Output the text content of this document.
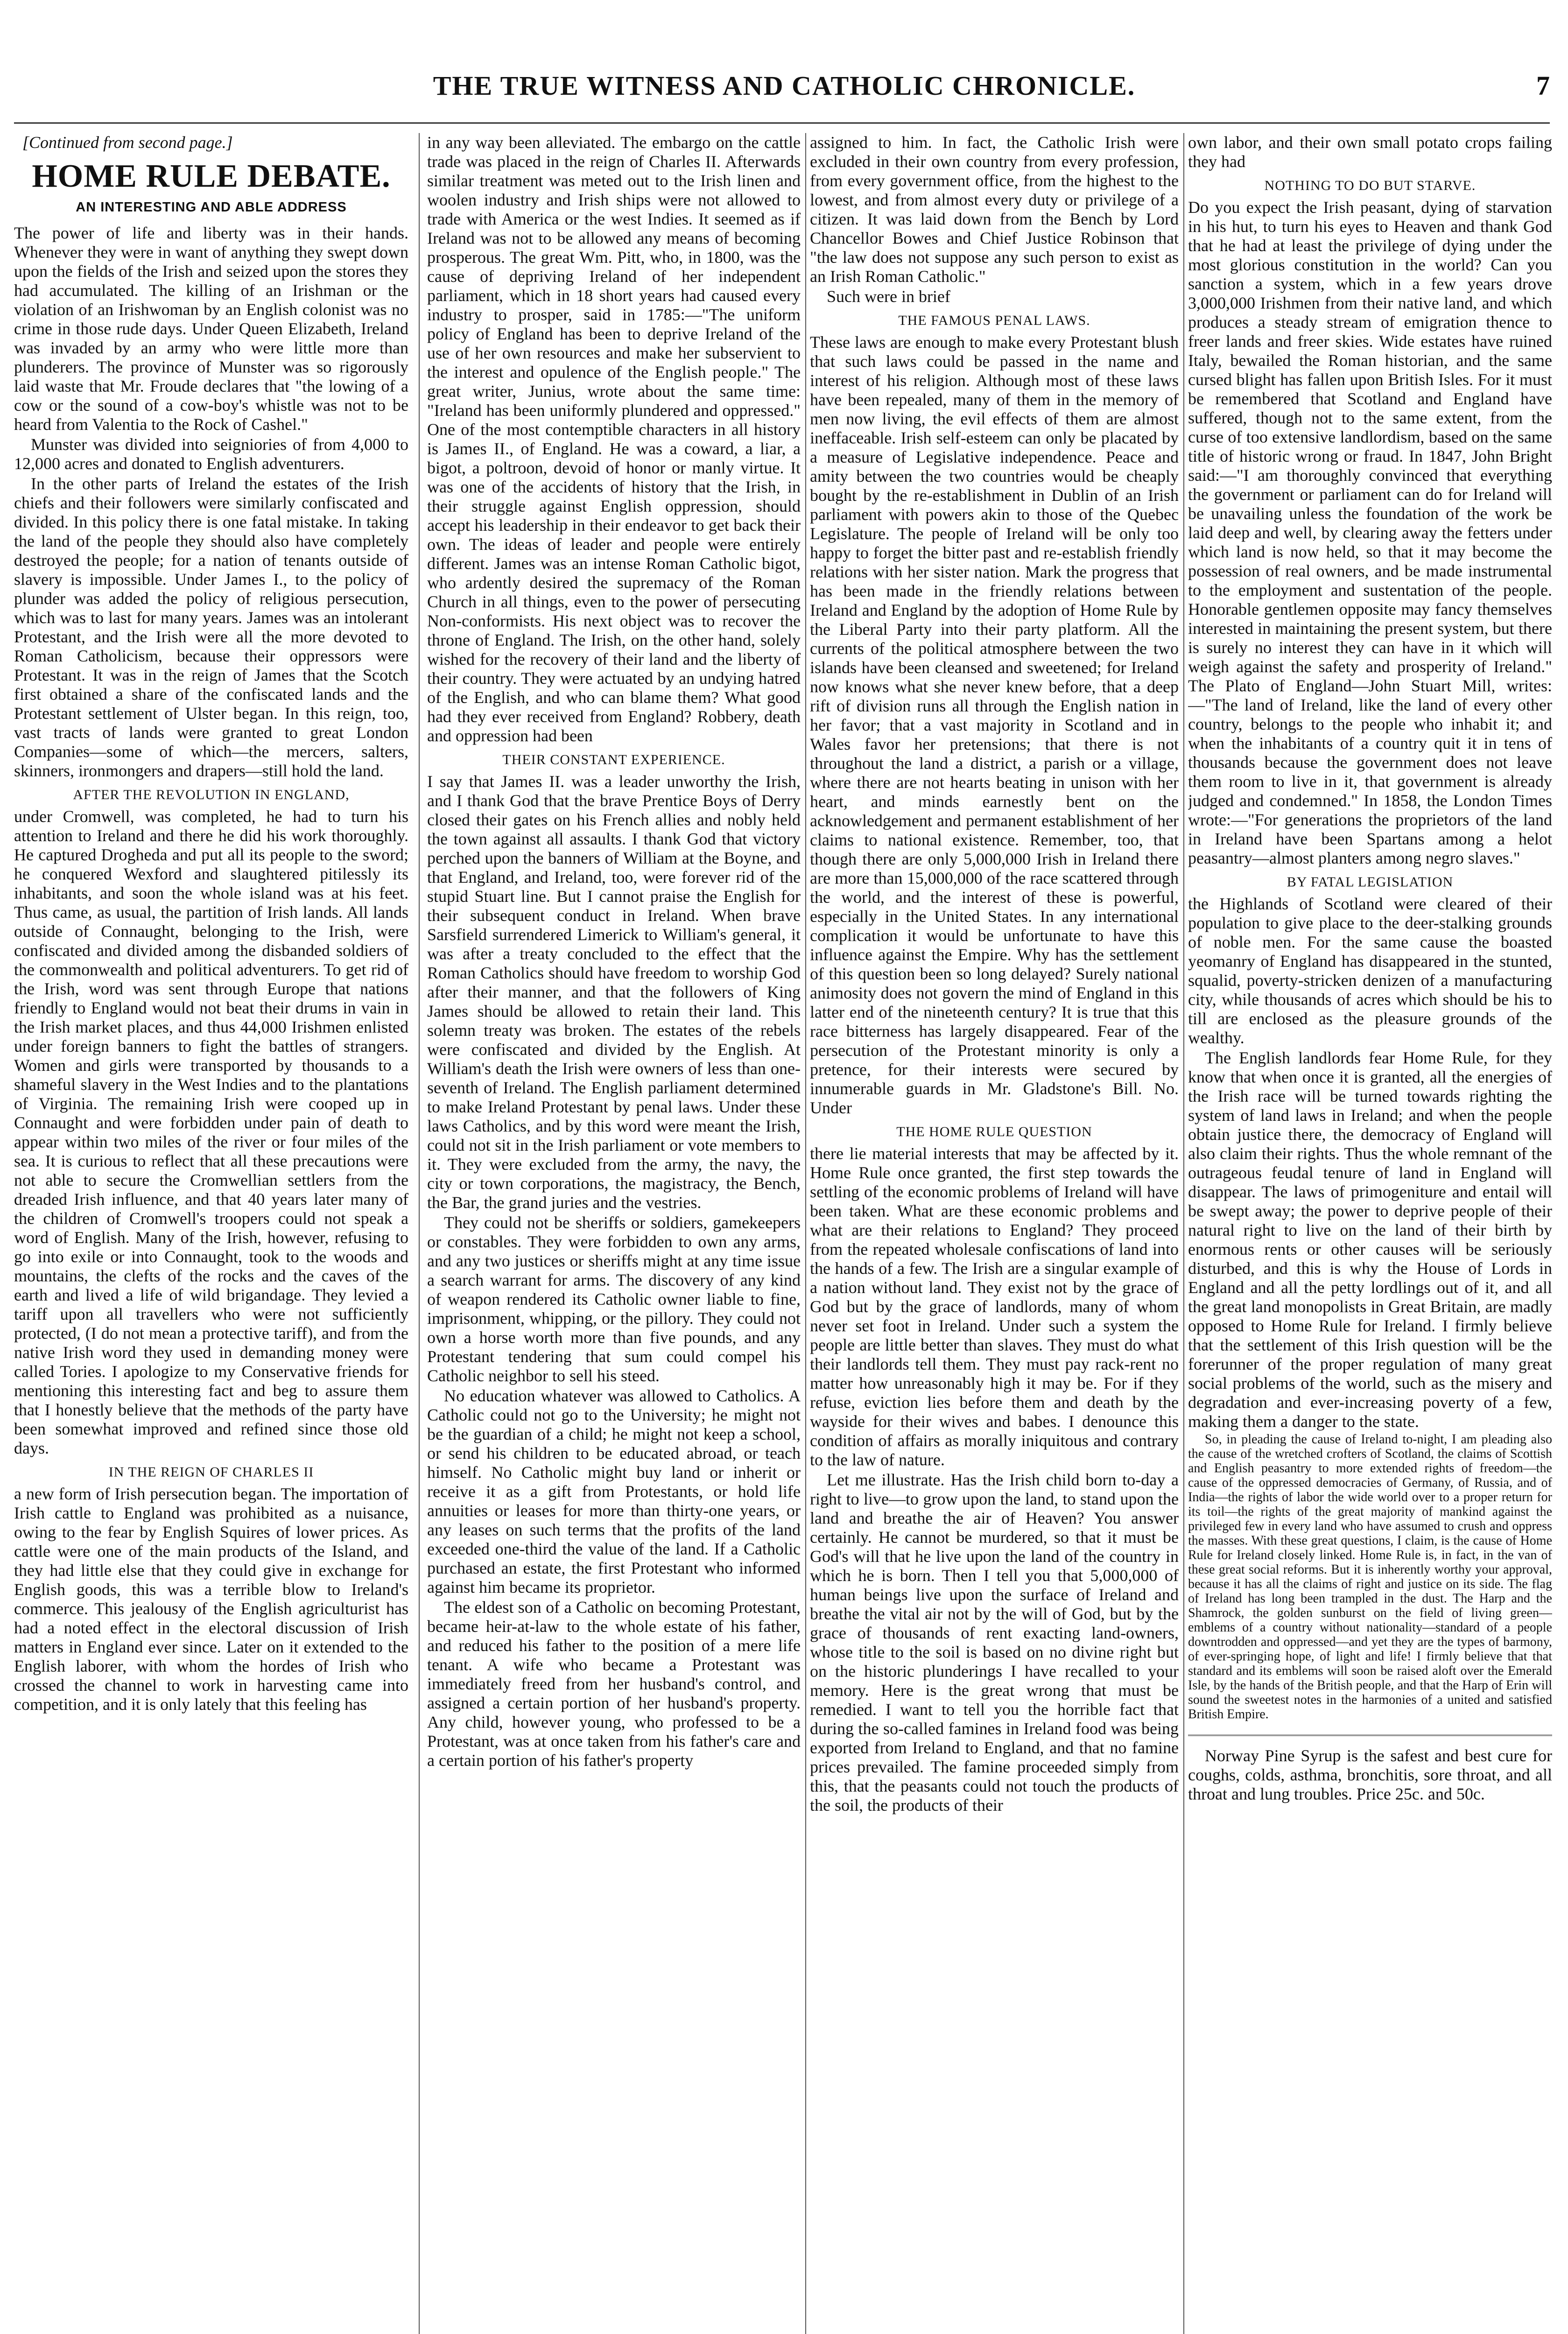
THE TRUE WITNESS AND CATHOLIC CHRONICLE.	7
[Continued from second page.]
HOME RULE DEBATE.
AN INTERESTING AND ABLE ADDRESS

The power of life and liberty was in their hands. Whenever they were in want of anything they swept down upon the fields of the Irish and seized upon the stores they had accumulated. The killing of an Irishman or the violation of an Irishwoman by an English colonist was no crime in those rude days. Under Queen Elizabeth, Ireland was invaded by an army who were little more than plunderers. The province of Munster was so rigorously laid waste that Mr. Froude declares that "the lowing of a cow or the sound of a cow-boy's whistle was not to be heard from Valentia to the Rock of Cashel."

Munster was divided into seigniories of from 4,000 to 12,000 acres and donated to English adventurers.

In the other parts of Ireland the estates of the Irish chiefs and their followers were similarly confiscated and divided. In this policy there is one fatal mistake. In taking the land of the people they should also have completely destroyed the people; for a nation of tenants outside of slavery is impossible. Under James I., to the policy of plunder was added the policy of religious persecution, which was to last for many years. James was an intolerant Protestant, and the Irish were all the more devoted to Roman Catholicism, because their oppressors were Protestant. It was in the reign of James that the Scotch first obtained a share of the confiscated lands and the Protestant settlement of Ulster began. In this reign, too, vast tracts of lands were granted to great London Companies—some of which—the mercers, salters, skinners, ironmongers and drapers—still hold the land.

AFTER THE REVOLUTION IN ENGLAND,

under Cromwell, was completed, he had to turn his attention to Ireland and there he did his work thoroughly. He captured Drogheda and put all its people to the sword; he conquered Wexford and slaughtered pitilessly its inhabitants, and soon the whole island was at his feet. Thus came, as usual, the partition of Irish lands. All lands outside of Connaught, belonging to the Irish, were confiscated and divided among the disbanded soldiers of the commonwealth and political adventurers. To get rid of the Irish, word was sent through Europe that nations friendly to England would not beat their drums in vain in the Irish market places, and thus 44,000 Irishmen enlisted under foreign banners to fight the battles of strangers. Women and girls were transported by thousands to a shameful slavery in the West Indies and to the plantations of Virginia. The remaining Irish were cooped up in Connaught and were forbidden under pain of death to appear within two miles of the river or four miles of the sea. It is curious to reflect that all these precautions were not able to secure the Cromwellian settlers from the dreaded Irish influence, and that 40 years later many of the children of Cromwell's troopers could not speak a word of English. Many of the Irish, however, refusing to go into exile or into Connaught, took to the woods and mountains, the clefts of the rocks and the caves of the earth and lived a life of wild brigandage. They levied a tariff upon all travellers who were not sufficiently protected, (I do not mean a protective tariff), and from the native Irish word they used in demanding money were called Tories. I apologize to my Conservative friends for mentioning this interesting fact and beg to assure them that I honestly believe that the methods of the party have been somewhat improved and refined since those old days.

IN THE REIGN OF CHARLES II

a new form of Irish persecution began. The importation of Irish cattle to England was prohibited as a nuisance, owing to the fear by English Squires of lower prices. As cattle were one of the main products of the Island, and they had little else that they could give in exchange for English goods, this was a terrible blow to Ireland's commerce. This jealousy of the English agriculturist has had a noted effect in the electoral discussion of Irish matters in England ever since. Later on it extended to the English laborer, with whom the hordes of Irish who crossed the channel to work in harvesting came into competition, and it is only lately that this feeling has

in any way been alleviated. The embargo on the cattle trade was placed in the reign of Charles II. Afterwards similar treatment was meted out to the Irish linen and woolen industry and Irish ships were not allowed to trade with America or the west Indies. It seemed as if Ireland was not to be allowed any means of becoming prosperous. The great Wm. Pitt, who, in 1800, was the cause of depriving Ireland of her independent parliament, which in 18 short years had caused every industry to prosper, said in 1785:—"The uniform policy of England has been to deprive Ireland of the use of her own resources and make her subservient to the interest and opulence of the English people." The great writer, Junius, wrote about the same time: "Ireland has been uniformly plundered and oppressed." One of the most contemptible characters in all history is James II., of England. He was a coward, a liar, a bigot, a poltroon, devoid of honor or manly virtue. It was one of the accidents of history that the Irish, in their struggle against English oppression, should accept his leadership in their endeavor to get back their own. The ideas of leader and people were entirely different. James was an intense Roman Catholic bigot, who ardently desired the supremacy of the Roman Church in all things, even to the power of persecuting Non-conformists. His next object was to recover the throne of England. The Irish, on the other hand, solely wished for the recovery of their land and the liberty of their country. They were actuated by an undying hatred of the English, and who can blame them? What good had they ever received from England? Robbery, death and oppression had been

THEIR CONSTANT EXPERIENCE.

I say that James II. was a leader unworthy the Irish, and I thank God that the brave Prentice Boys of Derry closed their gates on his French allies and nobly held the town against all assaults. I thank God that victory perched upon the banners of William at the Boyne, and that England, and Ireland, too, were forever rid of the stupid Stuart line. But I cannot praise the English for their subsequent conduct in Ireland. When brave Sarsfield surrendered Limerick to William's general, it was after a treaty concluded to the effect that the Roman Catholics should have freedom to worship God after their manner, and that the followers of King James should be allowed to retain their land. This solemn treaty was broken. The estates of the rebels were confiscated and divided by the English. At William's death the Irish were owners of less than one-seventh of Ireland. The English parliament determined to make Ireland Protestant by penal laws. Under these laws Catholics, and by this word were meant the Irish, could not sit in the Irish parliament or vote members to it. They were excluded from the army, the navy, the city or town corporations, the magistracy, the Bench, the Bar, the grand juries and the vestries.

They could not be sheriffs or soldiers, gamekeepers or constables. They were forbidden to own any arms, and any two justices or sheriffs might at any time issue a search warrant for arms. The discovery of any kind of weapon rendered its Catholic owner liable to fine, imprisonment, whipping, or the pillory. They could not own a horse worth more than five pounds, and any Protestant tendering that sum could compel his Catholic neighbor to sell his steed.

No education whatever was allowed to Catholics. A Catholic could not go to the University; he might not be the guardian of a child; he might not keep a school, or send his children to be educated abroad, or teach himself. No Catholic might buy land or inherit or receive it as a gift from Protestants, or hold life annuities or leases for more than thirty-one years, or any leases on such terms that the profits of the land exceeded one-third the value of the land. If a Catholic purchased an estate, the first Protestant who informed against him became its proprietor.

The eldest son of a Catholic on becoming Protestant, became heir-at-law to the whole estate of his father, and reduced his father to the position of a mere life tenant. A wife who became a Protestant was immediately freed from her husband's control, and assigned a certain portion of her husband's property. Any child, however young, who professed to be a Protestant, was at once taken from his father's care and a certain portion of his father's property

assigned to him. In fact, the Catholic Irish were excluded in their own country from every profession, from every government office, from the highest to the lowest, and from almost every duty or privilege of a citizen. It was laid down from the Bench by Lord Chancellor Bowes and Chief Justice Robinson that "the law does not suppose any such person to exist as an Irish Roman Catholic."

Such were in brief

THE FAMOUS PENAL LAWS.

These laws are enough to make every Protestant blush that such laws could be passed in the name and interest of his religion. Although most of these laws have been repealed, many of them in the memory of men now living, the evil effects of them are almost ineffaceable. Irish self-esteem can only be placated by a measure of Legislative independence. Peace and amity between the two countries would be cheaply bought by the re-establishment in Dublin of an Irish parliament with powers akin to those of the Quebec Legislature. The people of Ireland will be only too happy to forget the bitter past and re-establish friendly relations with her sister nation. Mark the progress that has been made in the friendly relations between Ireland and England by the adoption of Home Rule by the Liberal Party into their party platform. All the currents of the political atmosphere between the two islands have been cleansed and sweetened; for Ireland now knows what she never knew before, that a deep rift of division runs all through the English nation in her favor; that a vast majority in Scotland and in Wales favor her pretensions; that there is not throughout the land a district, a parish or a village, where there are not hearts beating in unison with her heart, and minds earnestly bent on the acknowledgement and permanent establishment of her claims to national existence. Remember, too, that though there are only 5,000,000 Irish in Ireland there are more than 15,000,000 of the race scattered through the world, and the interest of these is powerful, especially in the United States. In any international complication it would be unfortunate to have this influence against the Empire. Why has the settlement of this question been so long delayed? Surely national animosity does not govern the mind of England in this latter end of the nineteenth century? It is true that this race bitterness has largely disappeared. Fear of the persecution of the Protestant minority is only a pretence, for their interests were secured by innumerable guards in Mr. Gladstone's Bill. No. Under

THE HOME RULE QUESTION

there lie material interests that may be affected by it. Home Rule once granted, the first step towards the settling of the economic problems of Ireland will have been taken. What are these economic problems and what are their relations to England? They proceed from the repeated wholesale confiscations of land into the hands of a few. The Irish are a singular example of a nation without land. They exist not by the grace of God but by the grace of landlords, many of whom never set foot in Ireland. Under such a system the people are little better than slaves. They must do what their landlords tell them. They must pay rack-rent no matter how unreasonably high it may be. For if they refuse, eviction lies before them and death by the wayside for their wives and babes. I denounce this condition of affairs as morally iniquitous and contrary to the law of nature.

Let me illustrate. Has the Irish child born to-day a right to live—to grow upon the land, to stand upon the land and breathe the air of Heaven? You answer certainly. He cannot be murdered, so that it must be God's will that he live upon the land of the country in which he is born. Then I tell you that 5,000,000 of human beings live upon the surface of Ireland and breathe the vital air not by the will of God, but by the grace of thousands of rent exacting land-owners, whose title to the soil is based on no divine right but on the historic plunderings I have recalled to your memory. Here is the great wrong that must be remedied. I want to tell you the horrible fact that during the so-called famines in Ireland food was being exported from Ireland to England, and that no famine prices prevailed. The famine proceeded simply from this, that the peasants could not touch the products of the soil, the products of their

own labor, and their own small potato crops failing they had

NOTHING TO DO BUT STARVE.

Do you expect the Irish peasant, dying of starvation in his hut, to turn his eyes to Heaven and thank God that he had at least the privilege of dying under the most glorious constitution in the world? Can you sanction a system, which in a few years drove 3,000,000 Irishmen from their native land, and which produces a steady stream of emigration thence to freer lands and freer skies. Wide estates have ruined Italy, bewailed the Roman historian, and the same cursed blight has fallen upon British Isles. For it must be remembered that Scotland and England have suffered, though not to the same extent, from the curse of too extensive landlordism, based on the same title of historic wrong or fraud. In 1847, John Bright said:—"I am thoroughly convinced that everything the government or parliament can do for Ireland will be unavailing unless the foundation of the work be laid deep and well, by clearing away the fetters under which land is now held, so that it may become the possession of real owners, and be made instrumental to the employment and sustentation of the people. Honorable gentlemen opposite may fancy themselves interested in maintaining the present system, but there is surely no interest they can have in it which will weigh against the safety and prosperity of Ireland." The Plato of England—John Stuart Mill, writes:—"The land of Ireland, like the land of every other country, belongs to the people who inhabit it; and when the inhabitants of a country quit it in tens of thousands because the government does not leave them room to live in it, that government is already judged and condemned." In 1858, the London Times wrote:—"For generations the proprietors of the land in Ireland have been Spartans among a helot peasantry—almost planters among negro slaves."

BY FATAL LEGISLATION

the Highlands of Scotland were cleared of their population to give place to the deer-stalking grounds of noble men. For the same cause the boasted yeomanry of England has disappeared in the stunted, squalid, poverty-stricken denizen of a manufacturing city, while thousands of acres which should be his to till are enclosed as the pleasure grounds of the wealthy.

The English landlords fear Home Rule, for they know that when once it is granted, all the energies of the Irish race will be turned towards righting the system of land laws in Ireland; and when the people obtain justice there, the democracy of England will also claim their rights. Thus the whole remnant of the outrageous feudal tenure of land in England will disappear. The laws of primogeniture and entail will be swept away; the power to deprive people of their natural right to live on the land of their birth by enormous rents or other causes will be seriously disturbed, and this is why the House of Lords in England and all the petty lordlings out of it, and all the great land monopolists in Great Britain, are madly opposed to Home Rule for Ireland. I firmly believe that the settlement of this Irish question will be the forerunner of the proper regulation of many great social problems of the world, such as the misery and degradation and ever-increasing poverty of a few, making them a danger to the state.

So, in pleading the cause of Ireland to-night, I am pleading also the cause of the wretched crofters of Scotland, the claims of Scottish and English peasantry to more extended rights of freedom—the cause of the oppressed democracies of Germany, of Russia, and of India—the rights of labor the wide world over to a proper return for its toil—the rights of the great majority of mankind against the privileged few in every land who have assumed to crush and oppress the masses. With these great questions, I claim, is the cause of Home Rule for Ireland closely linked. Home Rule is, in fact, in the van of these great social reforms. But it is inherently worthy your approval, because it has all the claims of right and justice on its side. The flag of Ireland has long been trampled in the dust. The Harp and the Shamrock, the golden sunburst on the field of living green—emblems of a country without nationality—standard of a people downtrodden and oppressed—and yet they are the types of barmony, of ever-springing hope, of light and life! I firmly believe that that standard and its emblems will soon be raised aloft over the Emerald Isle, by the hands of the British people, and that the Harp of Erin will sound the sweetest notes in the harmonies of a united and satisfied British Empire.

Norway Pine Syrup is the safest and best cure for coughs, colds, asthma, bronchitis, sore throat, and all throat and lung troubles. Price 25c. and 50c.
